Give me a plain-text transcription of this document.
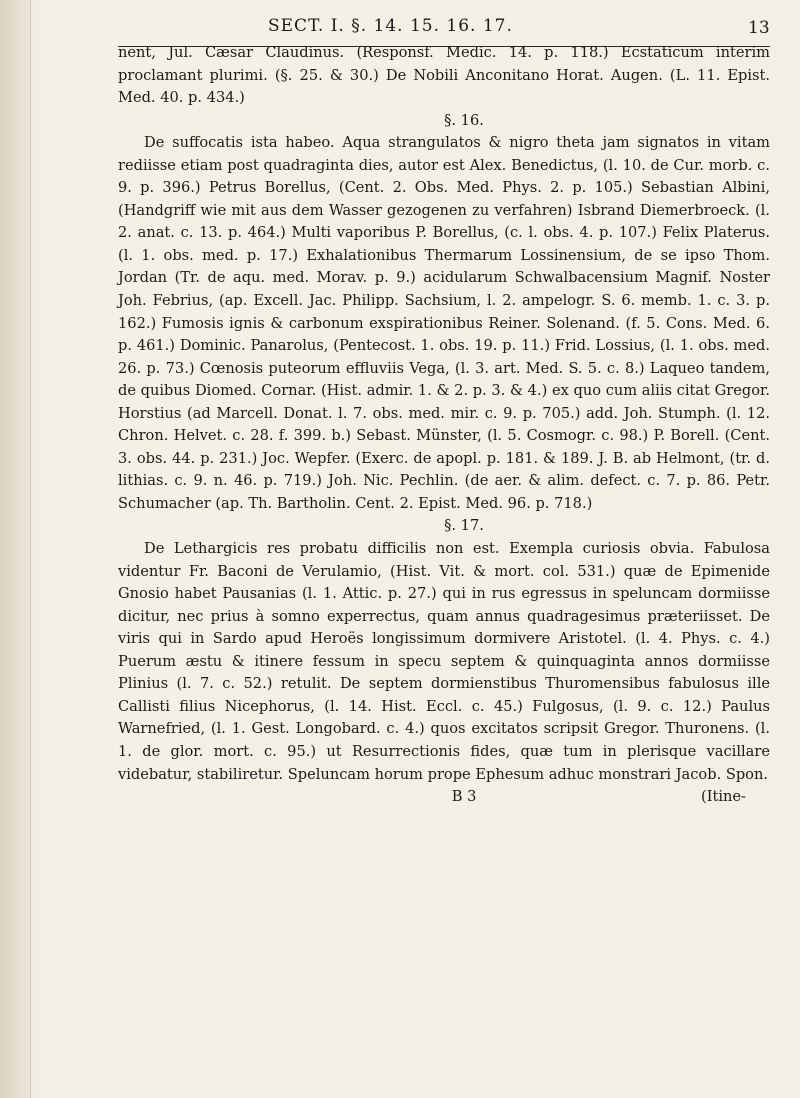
SECT. I. §. 14. 15. 16. 17.	13

nent, Jul. Cæsar Claudinus. (Responsf. Medic. 14. p. 118.) Ecstaticum interim proclamant plurimi. (§. 25. & 30.) De Nobili Anconitano Horat. Augen. (L. 11. Epist. Med. 40. p. 434.)

§. 16.

De suffocatis ista habeo. Aqua strangulatos & nigro theta jam signatos in vitam rediisse etiam post quadraginta dies, autor est Alex. Benedictus, (l. 10. de Cur. morb. c. 9. p. 396.) Petrus Borellus, (Cent. 2. Obs. Med. Phys. 2. p. 105.) Sebastian Albini, (Handgriff wie mit aus dem Wasser gezogenen zu verfahren) Isbrand Diemerbroeck. (l. 2. anat. c. 13. p. 464.) Multi vaporibus P. Borellus, (c. l. obs. 4. p. 107.) Felix Platerus. (l. 1. obs. med. p. 17.) Exhalationibus Thermarum Lossinensium, de se ipso Thom. Jordan (Tr. de aqu. med. Morav. p. 9.) acidularum Schwalbacensium Magnif. Noster Joh. Febrius, (ap. Excell. Jac. Philipp. Sachsium, l. 2. ampelogr. S. 6. memb. 1. c. 3. p. 162.) Fumosis ignis & carbonum exspirationibus Reiner. Solenand. (f. 5. Cons. Med. 6. p. 461.) Dominic. Panarolus, (Pentecost. 1. obs. 19. p. 11.) Frid. Lossius, (l. 1. obs. med. 26. p. 73.) Cœnosis puteorum effluviis Vega, (l. 3. art. Med. S. 5. c. 8.) Laqueo tandem, de quibus Diomed. Cornar. (Hist. admir. 1. & 2. p. 3. & 4.) ex quo cum aliis citat Gregor. Horstius (ad Marcell. Donat. l. 7. obs. med. mir. c. 9. p. 705.) add. Joh. Stumph. (l. 12. Chron. Helvet. c. 28. f. 399. b.) Sebast. Münster, (l. 5. Cosmogr. c. 98.) P. Borell. (Cent. 3. obs. 44. p. 231.) Joc. Wepfer. (Exerc. de apopl. p. 181. & 189. J. B. ab Helmont, (tr. d. lithias. c. 9. n. 46. p. 719.) Joh. Nic. Pechlin. (de aer. & alim. defect. c. 7. p. 86. Petr. Schumacher (ap. Th. Bartholin. Cent. 2. Epist. Med. 96. p. 718.)

§. 17.

De Lethargicis res probatu difficilis non est. Exempla curiosis obvia. Fabulosa videntur Fr. Baconi de Verulamio, (Hist. Vit. & mort. col. 531.) quæ de Epimenide Gnosio habet Pausanias (l. 1. Attic. p. 27.) qui in rus egressus in speluncam dormiisse dicitur, nec prius à somno experrectus, quam annus quadragesimus præteriisset. De viris qui in Sardo apud Heroës longissimum dormivere Aristotel. (l. 4. Phys. c. 4.) Puerum æstu & itinere fessum in specu septem & quinquaginta annos dormiisse Plinius (l. 7. c. 52.) retulit. De septem dormienstibus Thuromensibus fabulosus ille Callisti filius Nicephorus, (l. 14. Hist. Eccl. c. 45.) Fulgosus, (l. 9. c. 12.) Paulus Warnefried, (l. 1. Gest. Longobard. c. 4.) quos excitatos scripsit Gregor. Thuronens. (l. 1. de glor. mort. c. 95.) ut Resurrectionis fides, quæ tum in plerisque vacillare videbatur, stabiliretur. Speluncam horum prope Ephesum adhuc monstrari Jacob. Spon.

B 3	(Itine-
